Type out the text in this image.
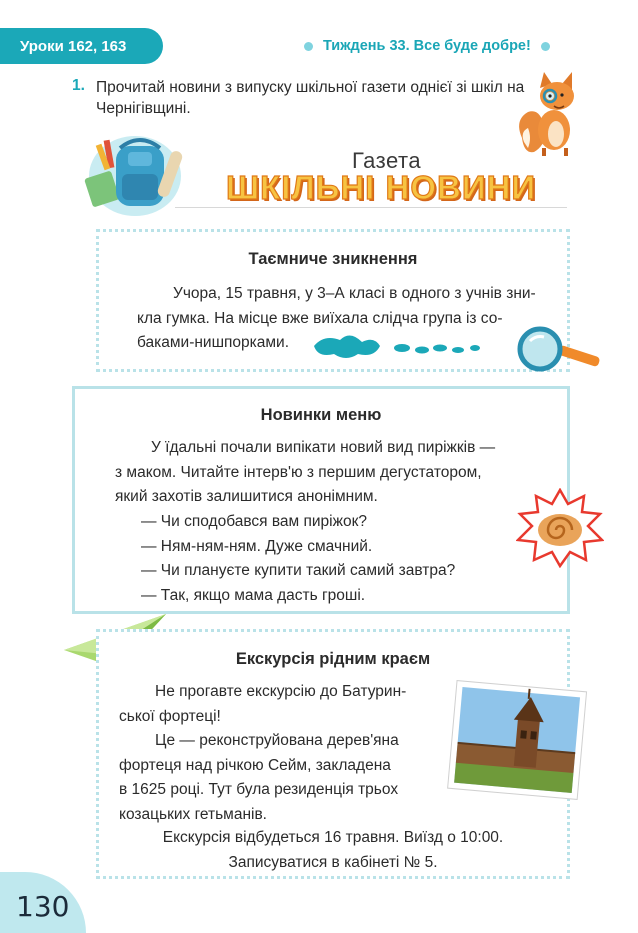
Уроки 162, 163	Тиждень 33. Все буде добре!
1. Прочитай новини з випуску шкільної газети однієї зі шкіл на Чернігівщині.
Газета
ШКІЛЬНІ НОВИНИ
Таємниче зникнення
Учора, 15 травня, у 3–А класі в одного з учнів зни-
кла гумка. На місце вже виїхала слідча група із со-
баками-нишпорками.
Новинки меню
У їдальні почали випікати новий вид пиріжків —
з маком. Читайте інтерв'ю з першим дегустатором,
який захотів залишитися анонімним.
— Чи сподобався вам пиріжок?
— Ням-ням-ням. Дуже смачний.
— Чи плануєте купити такий самий завтра?
— Так, якщо мама дасть гроші.
Екскурсія рідним краєм
Не прогавте екскурсію до Батурин-
ської фортеці!
Це — реконструйована дерев'яна
фортеця над річкою Сейм, закладена
в 1625 році. Тут була резиденція трьох
козацьких гетьманів.
Екскурсія відбудеться 16 травня. Виїзд о 10:00.
Записуватися в кабінеті № 5.
130
